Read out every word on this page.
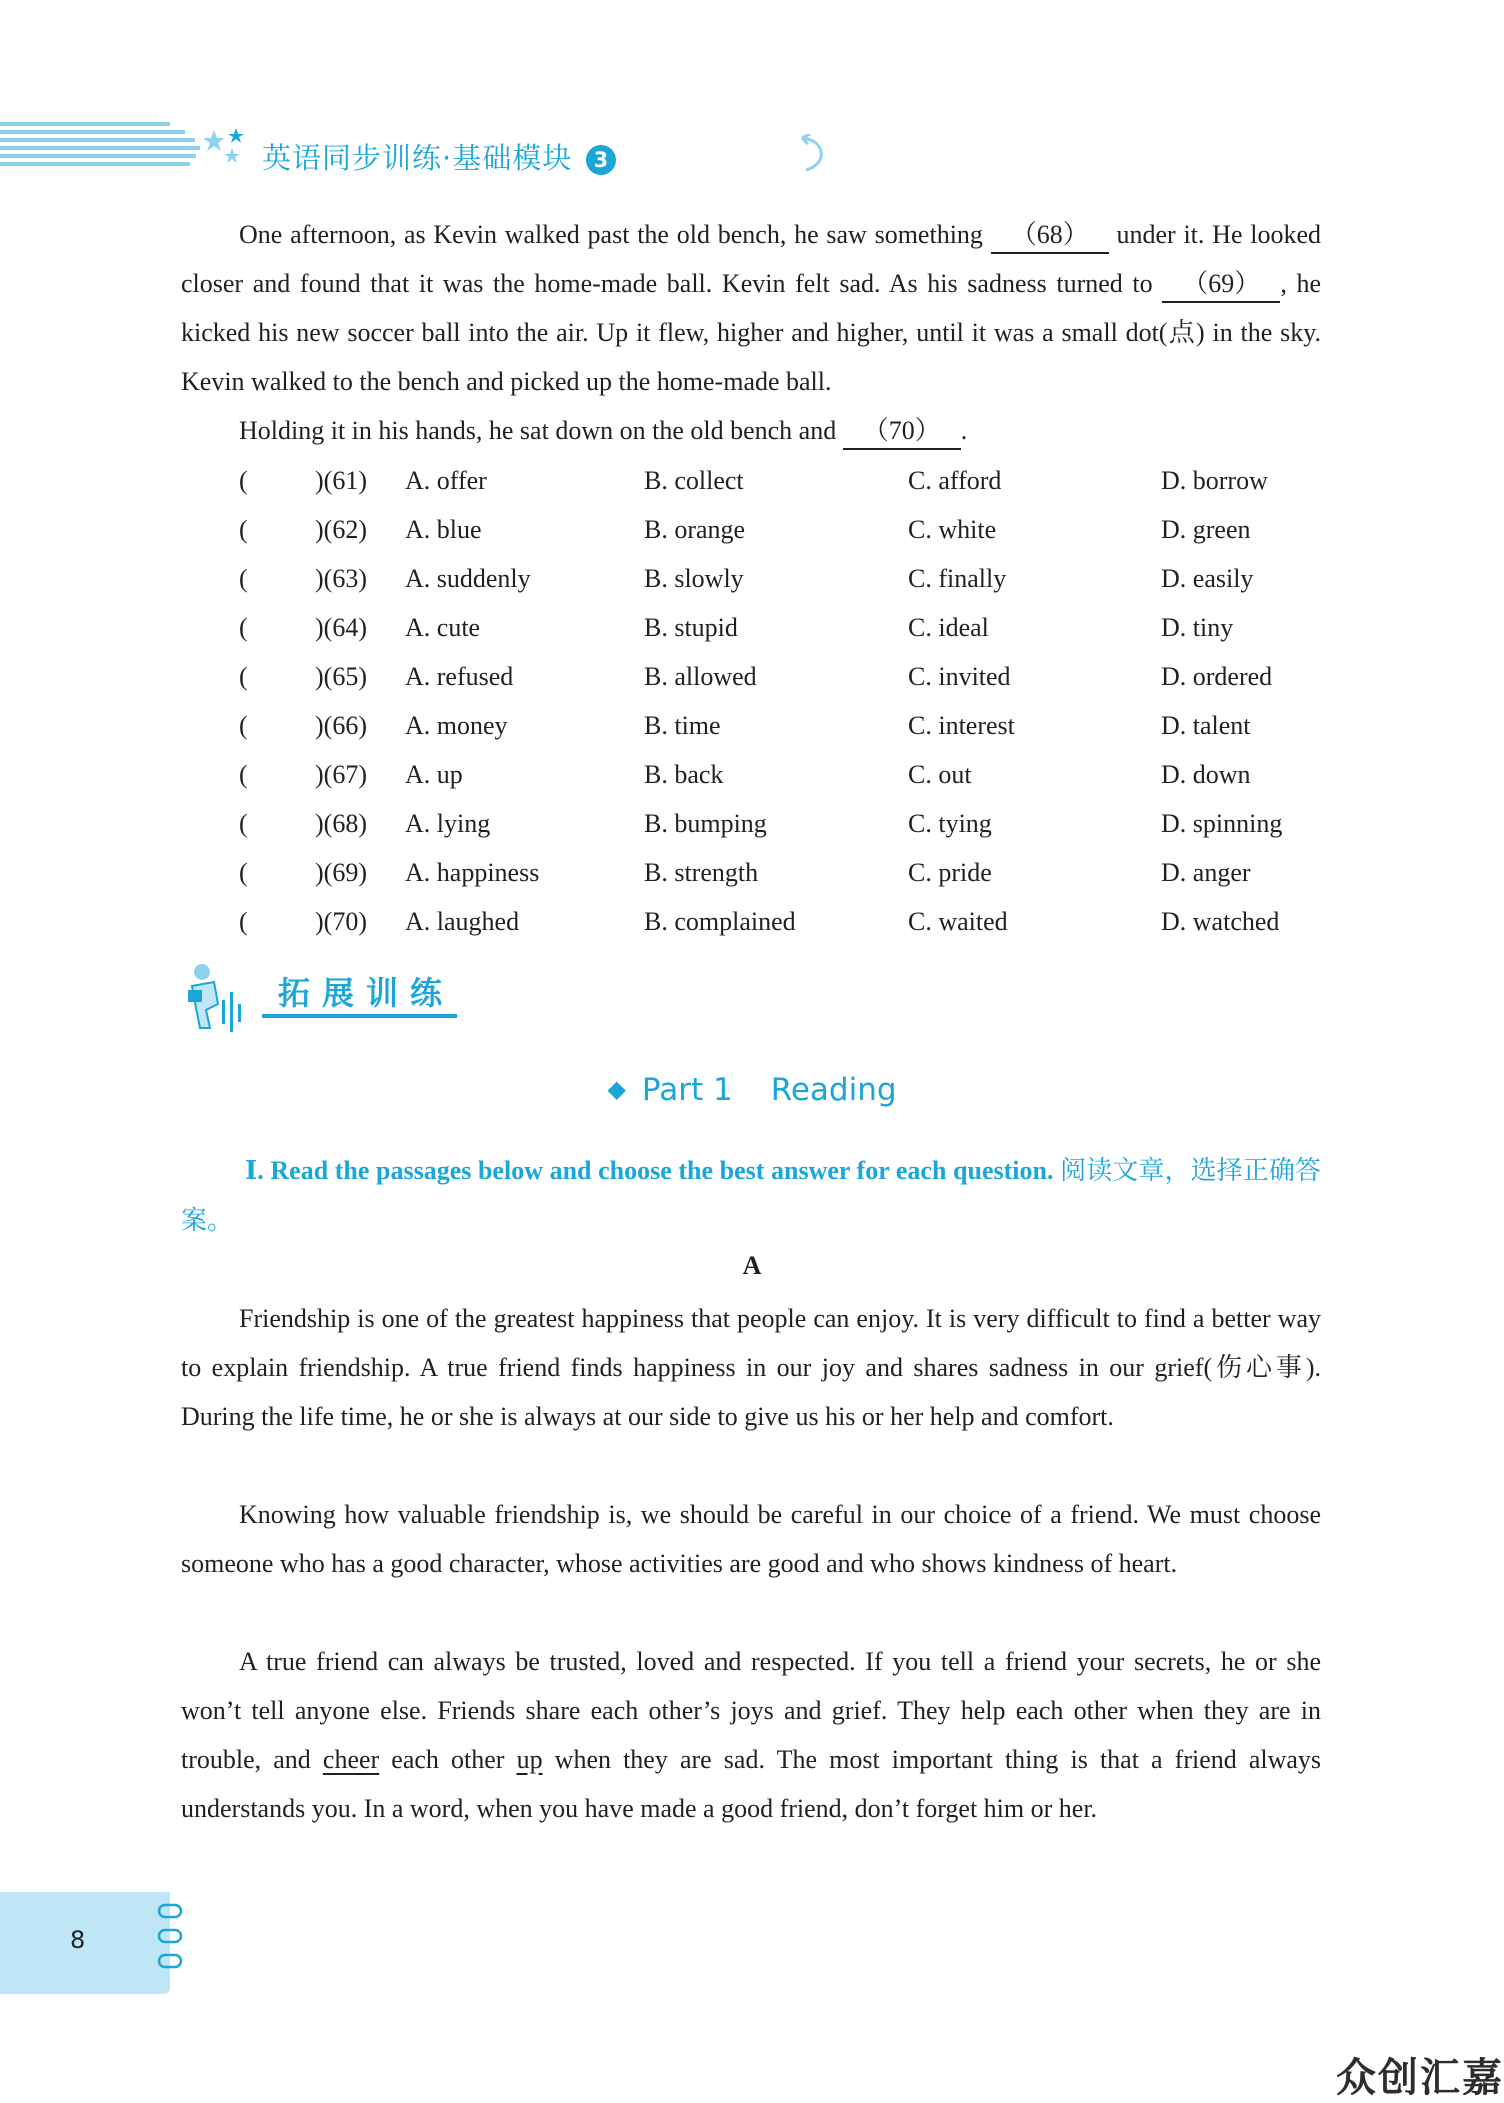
英语同步训练·基础模块 3

One afternoon, as Kevin walked past the old bench, he saw something （68） under it. He looked closer and found that it was the home-made ball. Kevin felt sad. As his sadness turned to （69） , he kicked his new soccer ball into the air. Up it flew, higher and higher, until it was a small dot(点) in the sky. Kevin walked to the bench and picked up the home-made ball.

Holding it in his hands, he sat down on the old bench and （70） .

(	)(61) A. offer	B. collect	C. afford	D. borrow
(	)(62) A. blue	B. orange	C. white	D. green
(	)(63) A. suddenly	B. slowly	C. finally	D. easily
(	)(64) A. cute	B. stupid	C. ideal	D. tiny
(	)(65) A. refused	B. allowed	C. invited	D. ordered
(	)(66) A. money	B. time	C. interest	D. talent
(	)(67) A. up	B. back	C. out	D. down
(	)(68) A. lying	B. bumping	C. tying	D. spinning
(	)(69) A. happiness	B. strength	C. pride	D. anger
(	)(70) A. laughed	B. complained	C. waited	D. watched
拓展训练
◆ Part 1 Reading

Ⅰ. Read the passages below and choose the best answer for each question. 阅读文章，选择正确答案。

A

Friendship is one of the greatest happiness that people can enjoy. It is very difficult to find a better way to explain friendship. A true friend finds happiness in our joy and shares sadness in our grief(伤心事). During the life time, he or she is always at our side to give us his or her help and comfort.

Knowing how valuable friendship is, we should be careful in our choice of a friend. We must choose someone who has a good character, whose activities are good and who shows kindness of heart.

A true friend can always be trusted, loved and respected. If you tell a friend your secrets, he or she won’t tell anyone else. Friends share each other’s joys and grief. They help each other when they are in trouble, and cheer each other up when they are sad. The most important thing is that a friend always understands you. In a word, when you have made a good friend, don’t forget him or her.

8
众创汇嘉
